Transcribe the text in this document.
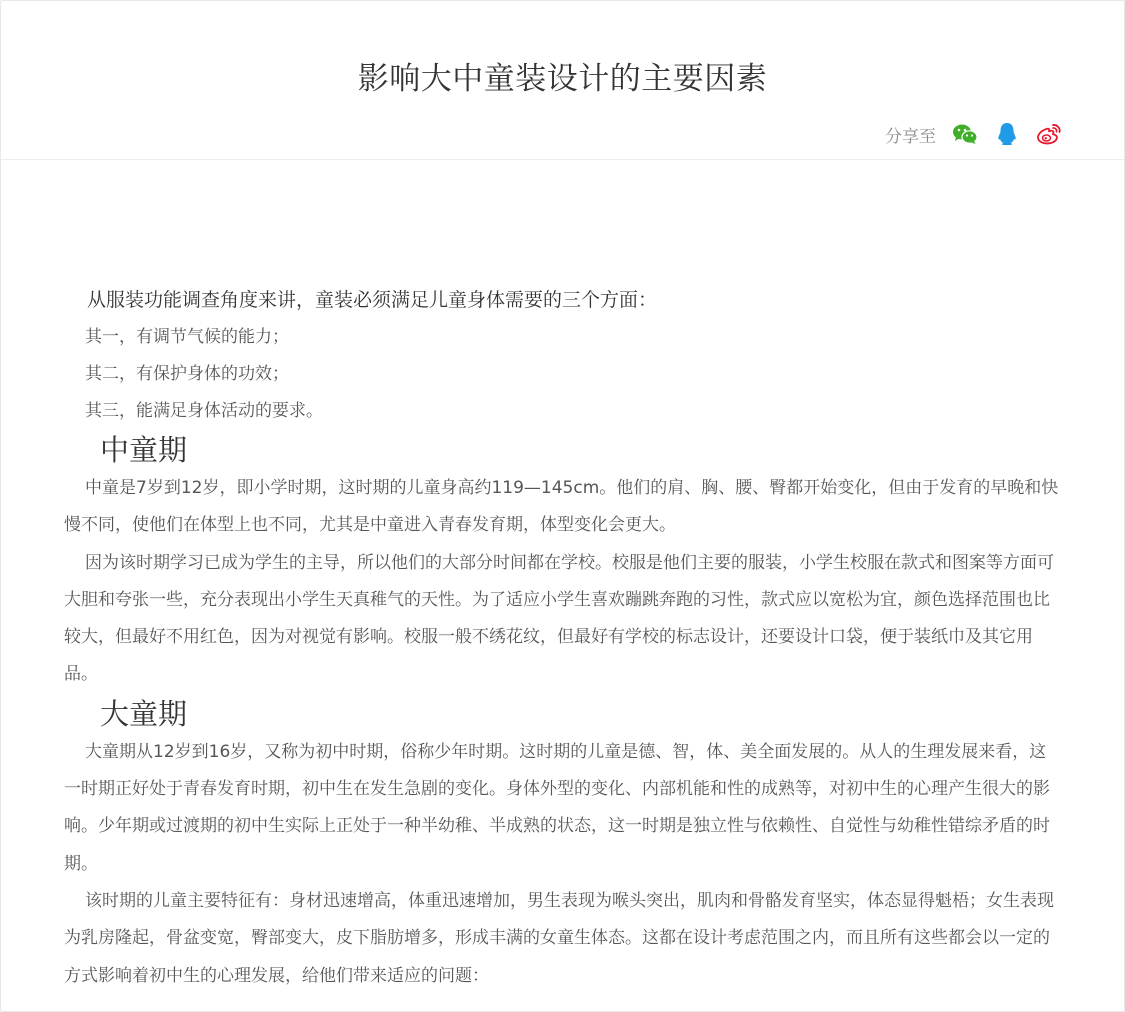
影响大中童装设计的主要因素
分享至

从服装功能调查角度来讲，童装必须满足儿童身体需要的三个方面：

其一，有调节气候的能力；

其二，有保护身体的功效；

其三，能满足身体活动的要求。

中童期

中童是7岁到12岁，即小学时期，这时期的儿童身高约119—145cm。他们的肩、胸、腰、臀都开始变化，但由于发育的早晚和快慢不同，使他们在体型上也不同，尤其是中童进入青春发育期，体型变化会更大。

因为该时期学习已成为学生的主导，所以他们的大部分时间都在学校。校服是他们主要的服装，小学生校服在款式和图案等方面可大胆和夸张一些，充分表现出小学生天真稚气的天性。为了适应小学生喜欢蹦跳奔跑的习性，款式应以宽松为宜，颜色选择范围也比较大，但最好不用红色，因为对视觉有影响。校服一般不绣花纹，但最好有学校的标志设计，还要设计口袋，便于装纸巾及其它用品。

大童期

大童期从12岁到16岁，又称为初中时期，俗称少年时期。这时期的儿童是德、智，体、美全面发展的。从人的生理发展来看，这一时期正好处于青春发育时期，初中生在发生急剧的变化。身体外型的变化、内部机能和性的成熟等，对初中生的心理产生很大的影响。少年期或过渡期的初中生实际上正处于一种半幼稚、半成熟的状态，这一时期是独立性与依赖性、自觉性与幼稚性错综矛盾的时期。

该时期的儿童主要特征有：身材迅速增高，体重迅速增加，男生表现为喉头突出，肌肉和骨骼发育坚实，体态显得魁梧；女生表现为乳房隆起，骨盆变宽，臀部变大，皮下脂肪增多，形成丰满的女童生体态。这都在设计考虑范围之内，而且所有这些都会以一定的方式影响着初中生的心理发展，给他们带来适应的问题：
